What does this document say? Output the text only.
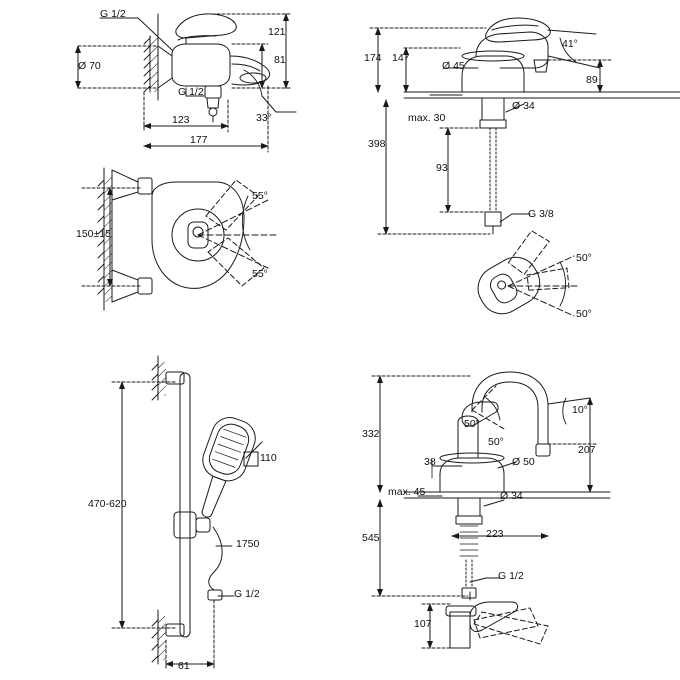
G 1/2
Ø 70
121
81
G 1/2
33°
123
177
150±15
55°
55°
174 147
Ø 45
41°
89
max. 30
Ø 34
398
93
G 3/8
50°
50°
110
470-620
1750
G 1/2
61
332
10°
50°
50°
207
38	Ø 50
max. 45	Ø 34
545	223
G 1/2
107
